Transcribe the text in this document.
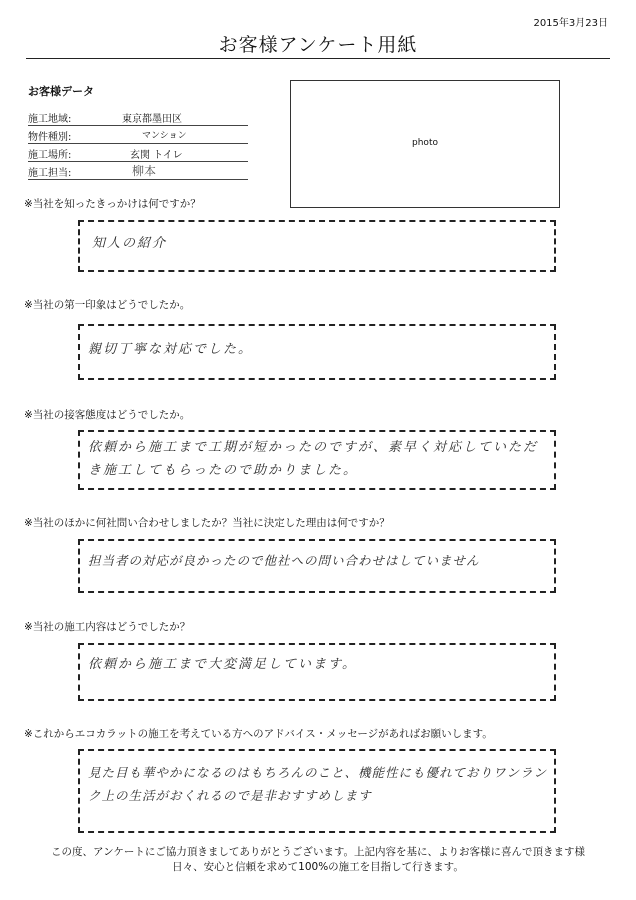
2015年3月23日
お客様アンケート用紙
お客様データ
施工地域:	東京都墨田区
物件種別:	マンション
施工場所:	玄関 トイレ
施工担当:	柳本
photo
※当社を知ったきっかけは何ですか？
知人の紹介
※当社の第一印象はどうでしたか。
親切丁寧な対応でした。
※当社の接客態度はどうでしたか。
依頼から施工まで工期が短かったのですが、素早く対応していただき施工してもらったので助かりました。
※当社のほかに何社問い合わせしましたか？当社に決定した理由は何ですか？
担当者の対応が良かったので他社への問い合わせはしていません
※当社の施工内容はどうでしたか？
依頼から施工まで大変満足しています。
※これからエコカラットの施工を考えている方へのアドバイス・メッセージがあればお願いします。
見た目も華やかになるのはもちろんのこと、機能性にも優れておりワンランク上の生活がおくれるので是非おすすめします
この度、アンケートにご協力頂きましてありがとうございます。上記内容を基に、よりお客様に喜んで頂きます様
日々、安心と信頼を求めて100%の施工を目指して行きます。
